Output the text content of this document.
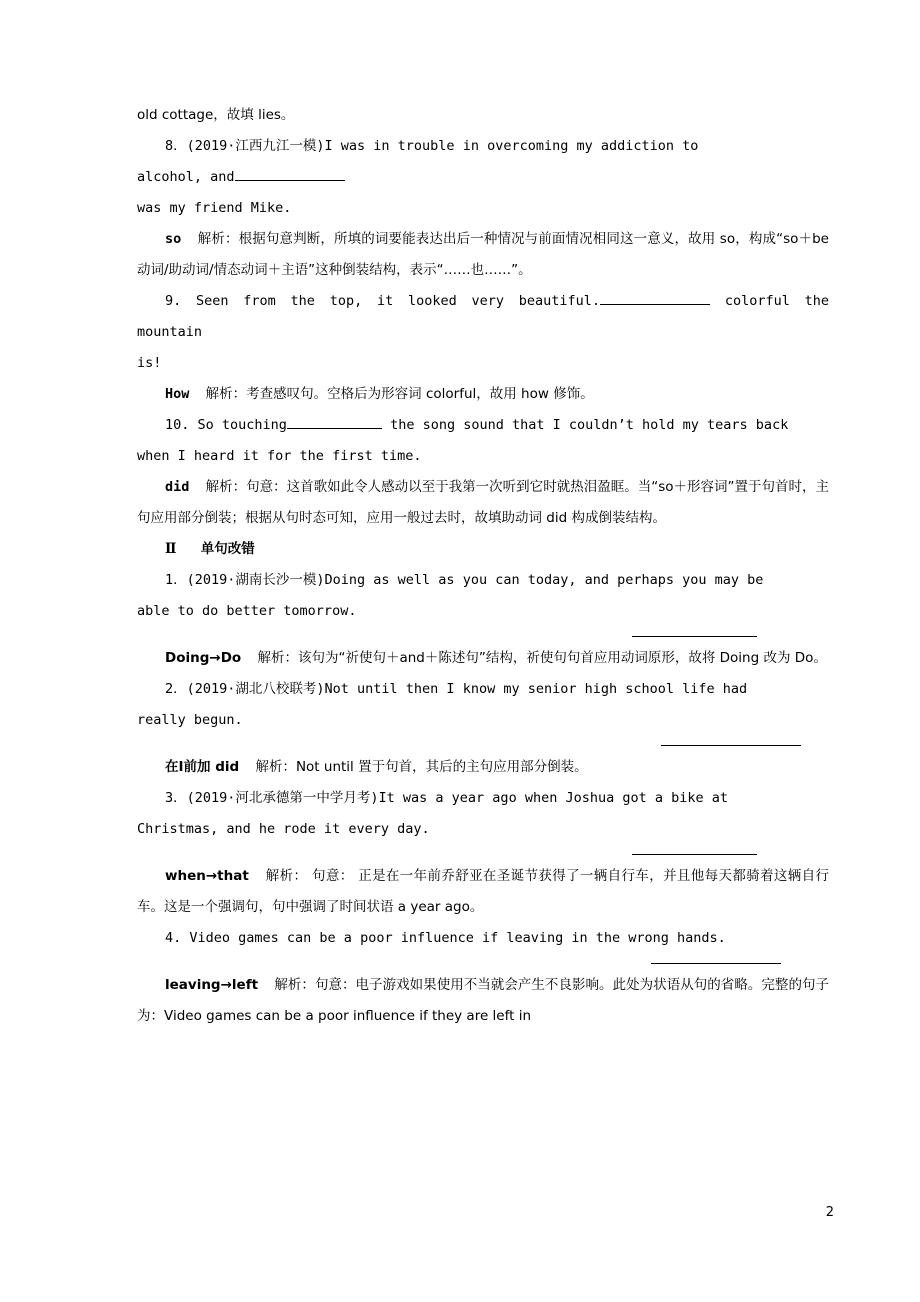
old cottage，故填 lies。

8．(2019·江西九江一模)I was in trouble in overcoming my addiction to

alcohol, and

was my friend Mike.

so 解析：根据句意判断，所填的词要能表达出后一种情况与前面情况相同这一意义，故用 so，构成“so＋be 动词/助动词/情态动词＋主语”这种倒装结构，表示“……也……”。

9. Seen from the top, it looked very beautiful.	colorful the mountain

is!

How 解析：考查感叹句。空格后为形容词 colorful，故用 how 修饰。

10. So touching	the song sound that I couldn’t hold my tears back

when I heard it for the first time.

did 解析：句意：这首歌如此令人感动以至于我第一次听到它时就热泪盈眶。当“so＋形容词”置于句首时，主句应用部分倒装；根据从句时态可知，应用一般过去时，故填助动词 did 构成倒装结构。

Ⅱ 单句改错

1．(2019·湖南长沙一模)Doing as well as you can today, and perhaps you may be

able to do better tomorrow.

Doing→Do 解析：该句为“祈使句＋and＋陈述句”结构，祈使句句首应用动词原形，故将 Doing 改为 Do。

2．(2019·湖北八校联考)Not until then I know my senior high school life had

really begun.

在Ⅰ前加 did 解析：Not until 置于句首，其后的主句应用部分倒装。

3．(2019·河北承德第一中学月考)It was a year ago when Joshua got a bike at

Christmas, and he rode it every day.

when→that 解析： 句意： 正是在一年前乔舒亚在圣诞节获得了一辆自行车，并且他每天都骑着这辆自行车。这是一个强调句，句中强调了时间状语 a year ago。

4. Video games can be a poor influence if leaving in the wrong hands.

leaving→left 解析：句意：电子游戏如果使用不当就会产生不良影响。此处为状语从句的省略。完整的句子为：Video games can be a poor influence if they are left in

2
